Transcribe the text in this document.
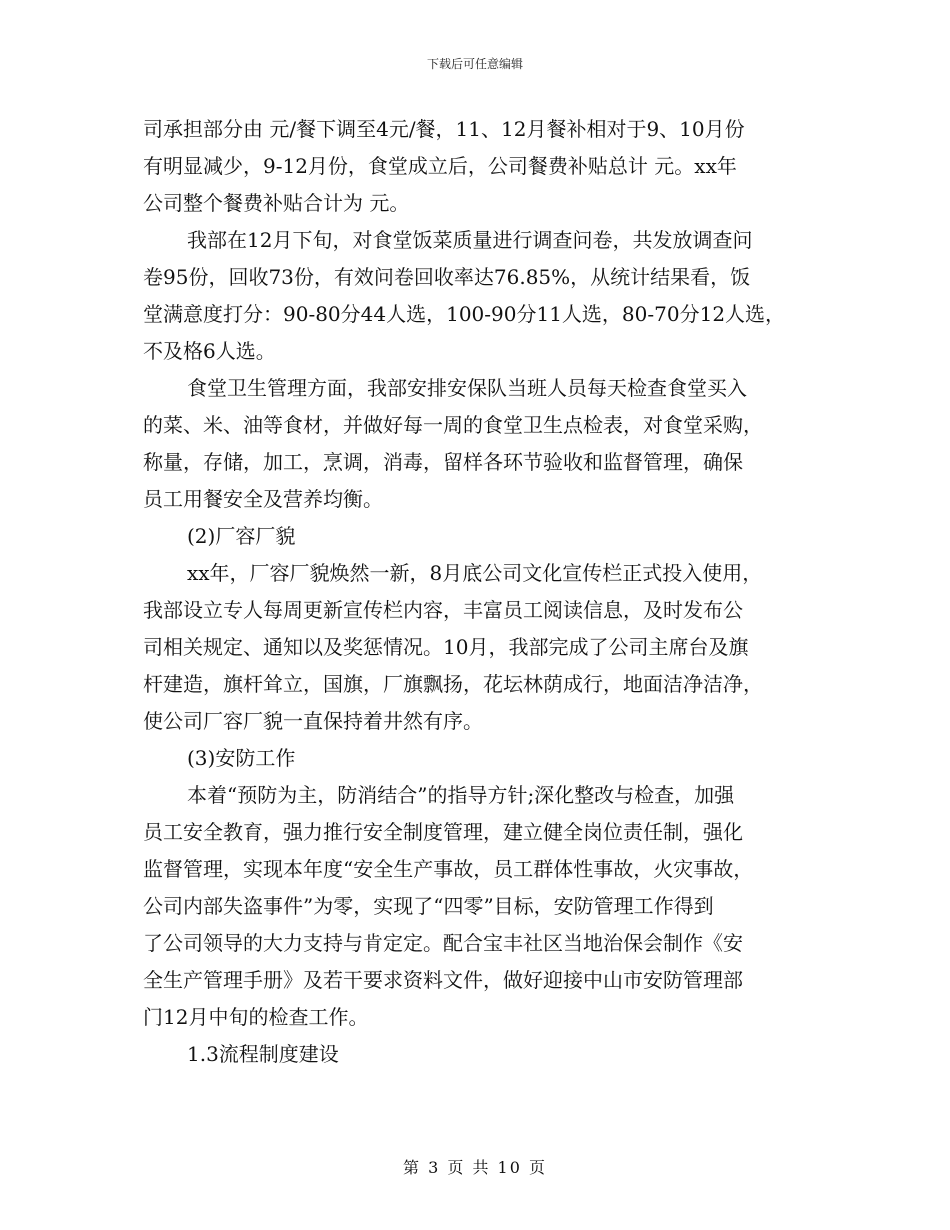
下载后可任意编辑
司承担部分由 元/餐下调至4元/餐，11、12月餐补相对于9、10月份
有明显减少，9-12月份，食堂成立后，公司餐费补贴总计 元。xx年
公司整个餐费补贴合计为 元。
我部在12月下旬，对食堂饭菜质量进行调查问卷，共发放调查问
卷95份，回收73份，有效问卷回收率达76.85%，从统计结果看，饭
堂满意度打分：90-80分44人选，100-90分11人选，80-70分12人选，
不及格6人选。
食堂卫生管理方面，我部安排安保队当班人员每天检查食堂买入
的菜、米、油等食材，并做好每一周的食堂卫生点检表，对食堂采购，
称量，存储，加工，烹调，消毒，留样各环节验收和监督管理，确保
员工用餐安全及营养均衡。
(2)厂容厂貌
xx年，厂容厂貌焕然一新，8月底公司文化宣传栏正式投入使用，
我部设立专人每周更新宣传栏内容，丰富员工阅读信息，及时发布公
司相关规定、通知以及奖惩情况。10月，我部完成了公司主席台及旗
杆建造，旗杆耸立，国旗，厂旗飘扬，花坛林荫成行，地面洁净洁净，
使公司厂容厂貌一直保持着井然有序。
(3)安防工作
本着“预防为主，防消结合”的指导方针;深化整改与检查，加强
员工安全教育，强力推行安全制度管理，建立健全岗位责任制，强化
监督管理，实现本年度“安全生产事故，员工群体性事故，火灾事故，
公司内部失盗事件”为零，实现了“四零”目标，安防管理工作得到
了公司领导的大力支持与肯定定。配合宝丰社区当地治保会制作《安
全生产管理手册》及若干要求资料文件，做好迎接中山市安防管理部
门12月中旬的检查工作。
1.3流程制度建设
第 3 页 共 10 页
